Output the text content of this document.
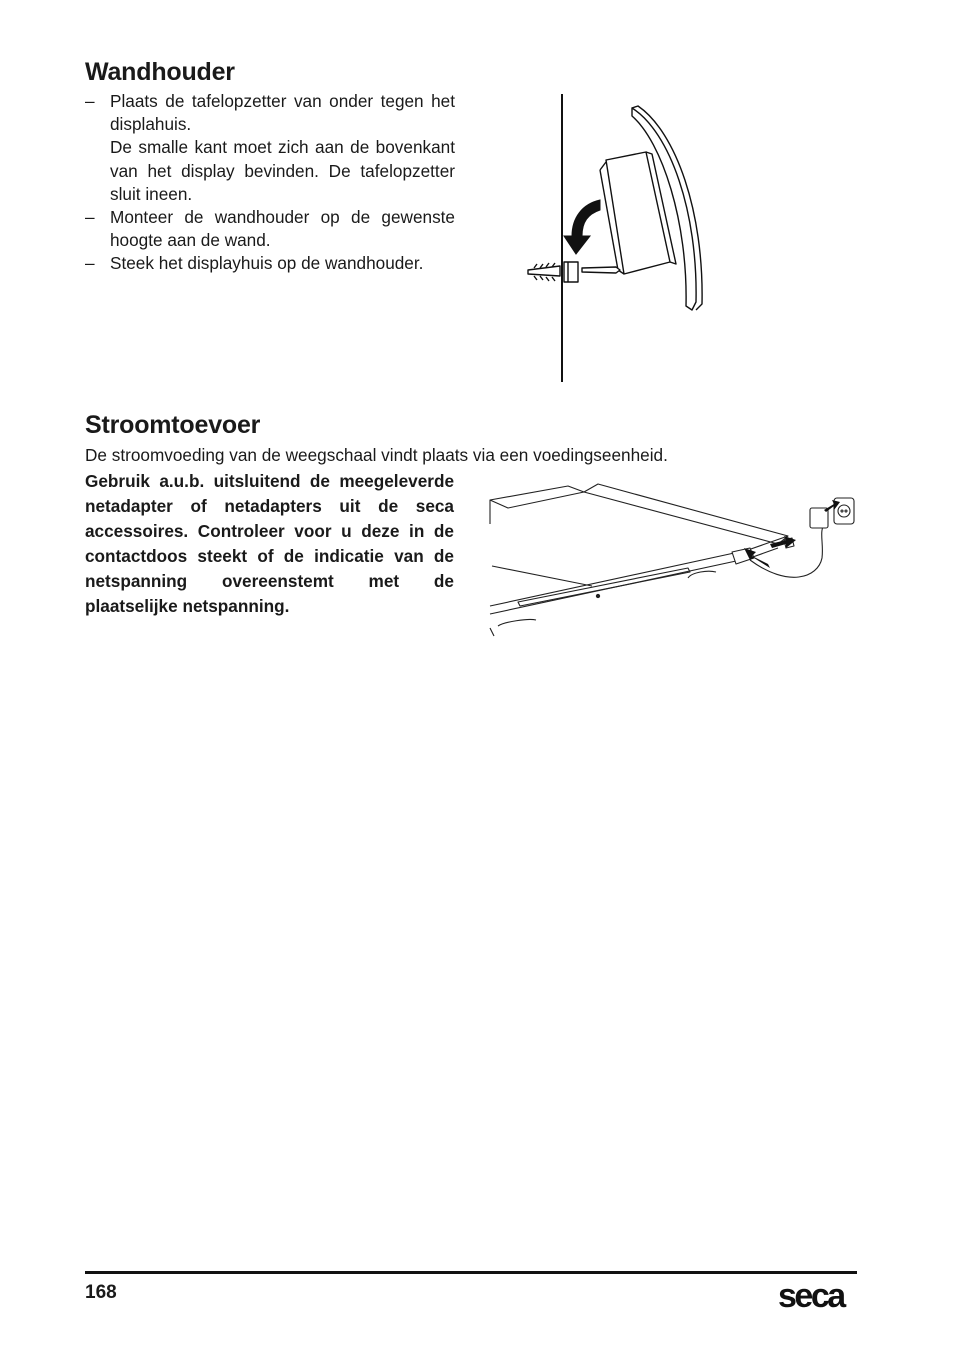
Wandhouder
– Plaats de tafelopzetter van onder tegen het displahuis.
De smalle kant moet zich aan de bovenkant van het display bevinden. De tafelopzetter sluit ineen.
– Monteer de wandhouder op de gewenste hoogte aan de wand.
– Steek het displayhuis op de wandhouder.
Stroomtoevoer
De stroomvoeding van de weegschaal vindt plaats via een voedingseenheid.

Gebruik a.u.b. uitsluitend de meegeleverde netadapter of netadapters uit de seca accessoires. Controleer voor u deze in de contactdoos steekt of de indicatie van de netspanning overeenstemt met de plaatselijke netspanning.

168	seca
